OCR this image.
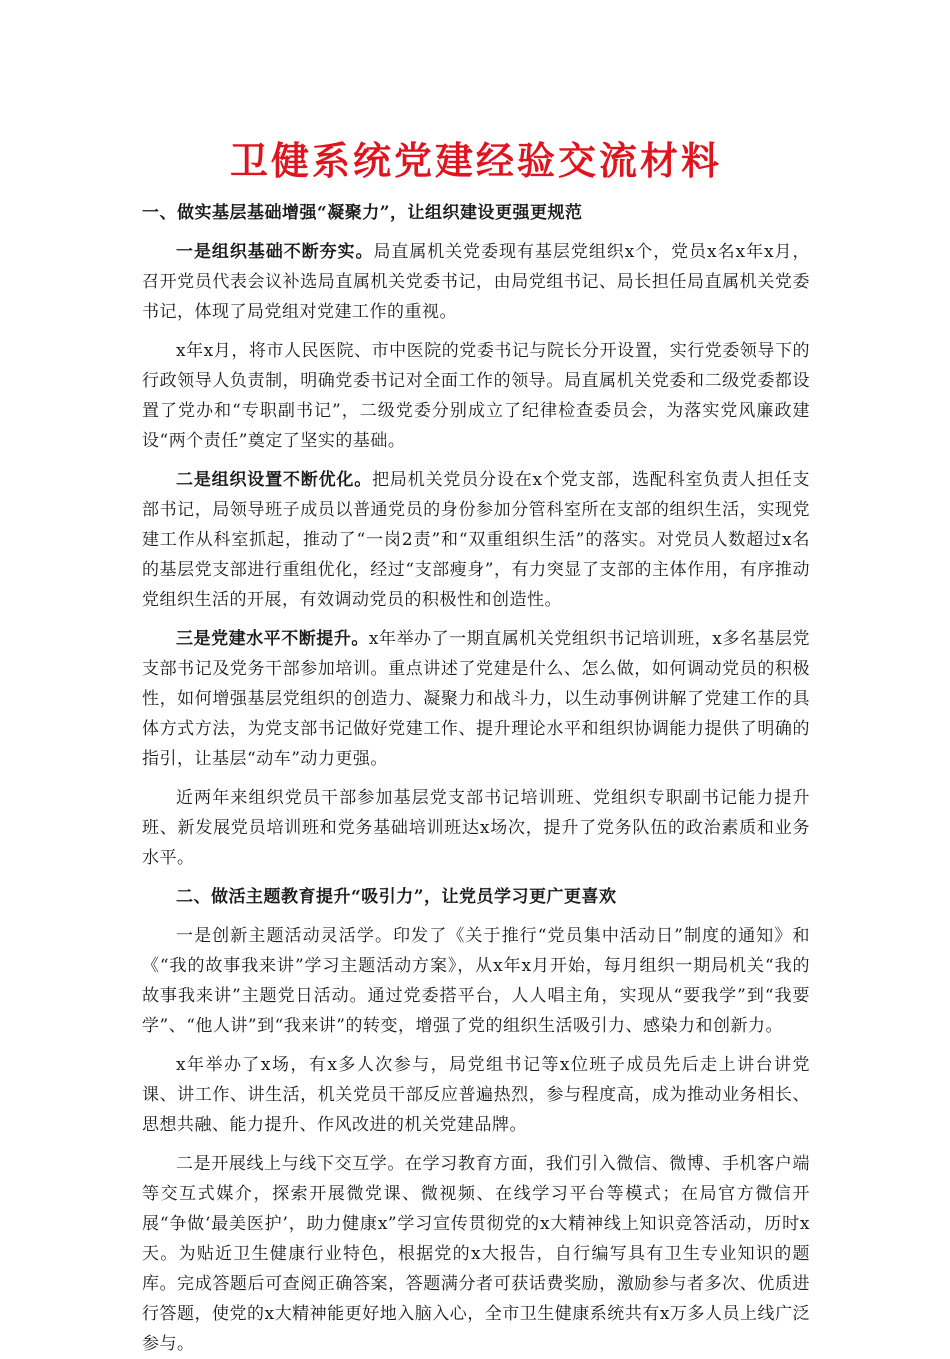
卫健系统党建经验交流材料
一、做实基层基础增强“凝聚力”，让组织建设更强更规范

一是组织基础不断夯实。局直属机关党委现有基层党组织x个，党员x名x年x月，召开党员代表会议补选局直属机关党委书记，由局党组书记、局长担任局直属机关党委书记，体现了局党组对党建工作的重视。

x年x月，将市人民医院、市中医院的党委书记与院长分开设置，实行党委领导下的行政领导人负责制，明确党委书记对全面工作的领导。局直属机关党委和二级党委都设置了党办和“专职副书记”，二级党委分别成立了纪律检查委员会，为落实党风廉政建设“两个责任”奠定了坚实的基础。

二是组织设置不断优化。把局机关党员分设在x个党支部，选配科室负责人担任支部书记，局领导班子成员以普通党员的身份参加分管科室所在支部的组织生活，实现党建工作从科室抓起，推动了“一岗2责”和“双重组织生活”的落实。对党员人数超过x名的基层党支部进行重组优化，经过“支部瘦身”，有力突显了支部的主体作用，有序推动党组织生活的开展，有效调动党员的积极性和创造性。

三是党建水平不断提升。x年举办了一期直属机关党组织书记培训班，x多名基层党支部书记及党务干部参加培训。重点讲述了党建是什么、怎么做，如何调动党员的积极性，如何增强基层党组织的创造力、凝聚力和战斗力，以生动事例讲解了党建工作的具体方式方法，为党支部书记做好党建工作、提升理论水平和组织协调能力提供了明确的指引，让基层“动车”动力更强。

近两年来组织党员干部参加基层党支部书记培训班、党组织专职副书记能力提升班、新发展党员培训班和党务基础培训班达x场次，提升了党务队伍的政治素质和业务水平。

二、做活主题教育提升“吸引力”，让党员学习更广更喜欢

一是创新主题活动灵活学。印发了《关于推行“党员集中活动日”制度的通知》和《“我的故事我来讲”学习主题活动方案》，从x年x月开始，每月组织一期局机关“我的故事我来讲”主题党日活动。通过党委搭平台，人人唱主角，实现从“要我学”到“我要学”、“他人讲”到“我来讲”的转变，增强了党的组织生活吸引力、感染力和创新力。

x年举办了x场，有x多人次参与，局党组书记等x位班子成员先后走上讲台讲党课、讲工作、讲生活，机关党员干部反应普遍热烈，参与程度高，成为推动业务相长、思想共融、能力提升、作风改进的机关党建品牌。

二是开展线上与线下交互学。在学习教育方面，我们引入微信、微博、手机客户端等交互式媒介，探索开展微党课、微视频、在线学习平台等模式；在局官方微信开展“争做‘最美医护’，助力健康x”学习宣传贯彻党的x大精神线上知识竞答活动，历时x天。为贴近卫生健康行业特色，根据党的x大报告，自行编写具有卫生专业知识的题库。完成答题后可查阅正确答案，答题满分者可获话费奖励，激励参与者多次、优质进行答题，使党的x大精神能更好地入脑入心，全市卫生健康系统共有x万多人员上线广泛参与。
